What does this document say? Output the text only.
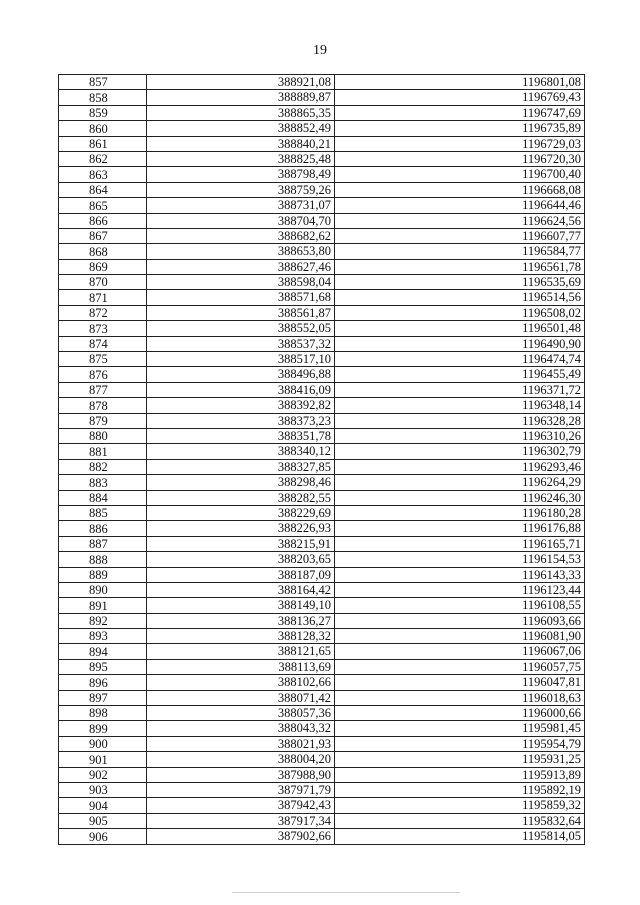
19
857	388921,08	1196801,08
858	388889,87	1196769,43
859	388865,35	1196747,69
860	388852,49	1196735,89
861	388840,21	1196729,03
862	388825,48	1196720,30
863	388798,49	1196700,40
864	388759,26	1196668,08
865	388731,07	1196644,46
866	388704,70	1196624,56
867	388682,62	1196607,77
868	388653,80	1196584,77
869	388627,46	1196561,78
870	388598,04	1196535,69
871	388571,68	1196514,56
872	388561,87	1196508,02
873	388552,05	1196501,48
874	388537,32	1196490,90
875	388517,10	1196474,74
876	388496,88	1196455,49
877	388416,09	1196371,72
878	388392,82	1196348,14
879	388373,23	1196328,28
880	388351,78	1196310,26
881	388340,12	1196302,79
882	388327,85	1196293,46
883	388298,46	1196264,29
884	388282,55	1196246,30
885	388229,69	1196180,28
886	388226,93	1196176,88
887	388215,91	1196165,71
888	388203,65	1196154,53
889	388187,09	1196143,33
890	388164,42	1196123,44
891	388149,10	1196108,55
892	388136,27	1196093,66
893	388128,32	1196081,90
894	388121,65	1196067,06
895	388113,69	1196057,75
896	388102,66	1196047,81
897	388071,42	1196018,63
898	388057,36	1196000,66
899	388043,32	1195981,45
900	388021,93	1195954,79
901	388004,20	1195931,25
902	387988,90	1195913,89
903	387971,79	1195892,19
904	387942,43	1195859,32
905	387917,34	1195832,64
906	387902,66	1195814,05
